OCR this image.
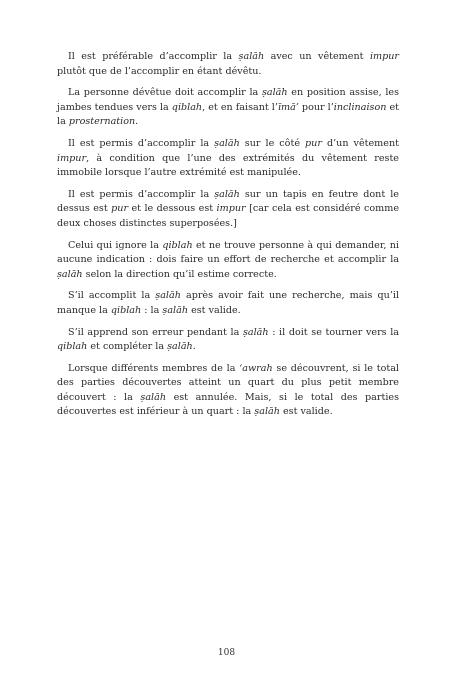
Il est préférable d’accomplir la ṣalāh avec un vêtement impur plutôt que de l’accomplir en étant dévêtu.

La personne dévêtue doit accomplir la ṣalāh en position assise, les jambes tendues vers la qiblah, et en faisant l’īmā’ pour l’inclinaison et la prosternation.

Il est permis d’accomplir la ṣalāh sur le côté pur d’un vêtement impur, à condition que l’une des extrémités du vêtement reste immobile lorsque l’autre extrémité est manipulée.

Il est permis d’accomplir la ṣalāh sur un tapis en feutre dont le dessus est pur et le dessous est impur [car cela est considéré comme deux choses distinctes superposées.]

Celui qui ignore la qiblah et ne trouve personne à qui demander, ni aucune indication : dois faire un effort de recherche et accomplir la ṣalāh selon la direction qu’il estime correcte.

S’il accomplit la ṣalāh après avoir fait une recherche, mais qu’il manque la qiblah : la ṣalāh est valide.

S’il apprend son erreur pendant la ṣalāh : il doit se tourner vers la qiblah et compléter la ṣalāh.

Lorsque différents membres de la ‘awrah se découvrent, si le total des parties découvertes atteint un quart du plus petit membre découvert : la ṣalāh est annulée. Mais, si le total des parties découvertes est inférieur à un quart : la ṣalāh est valide.

108
